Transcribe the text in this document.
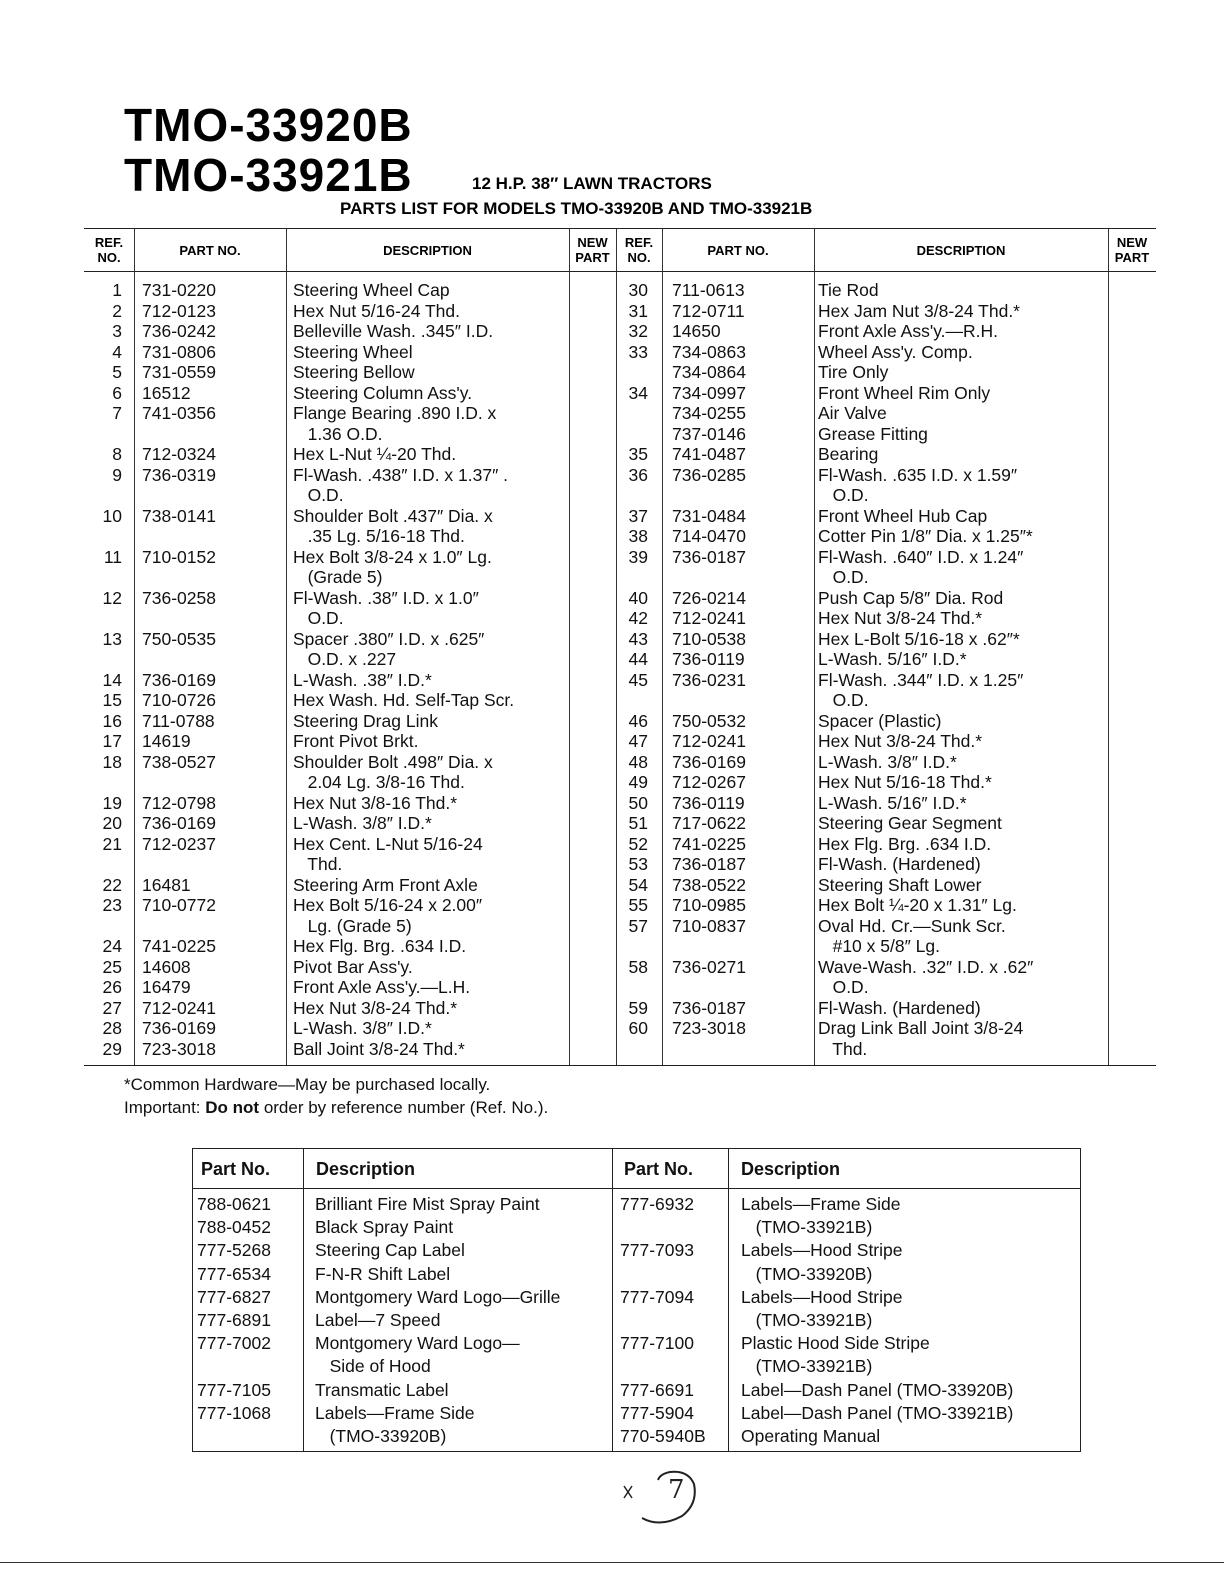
TMO-33920B
TMO-33921B	12 H.P. 38″ LAWN TRACTORS
PARTS LIST FOR MODELS TMO-33920B AND TMO-33921B
REF. NO.	PART NO.	DESCRIPTION	NEW PART
REF. NO.	PART NO.	DESCRIPTION	NEW PART
1 731-0220	Steering Wheel Cap
2 712-0123	Hex Nut 5/16-24 Thd.
3 736-0242	Belleville Wash. .345″ I.D.
4 731-0806	Steering Wheel
5 731-0559	Steering Bellow
6 16512	Steering Column Ass'y.
7 741-0356	Flange Bearing .890 I.D. x
1.36 O.D.
8 712-0324	Hex L-Nut ¼-20 Thd.
9 736-0319	Fl-Wash. .438″ I.D. x 1.37″ .
O.D.
10 738-0141	Shoulder Bolt .437″ Dia. x
.35 Lg. 5/16-18 Thd.
11 710-0152	Hex Bolt 3/8-24 x 1.0″ Lg.
(Grade 5)
12 736-0258	Fl-Wash. .38″ I.D. x 1.0″
O.D.
13 750-0535	Spacer .380″ I.D. x .625″
O.D. x .227
14 736-0169	L-Wash. .38″ I.D.*
15 710-0726	Hex Wash. Hd. Self-Tap Scr.
16 711-0788	Steering Drag Link
17 14619	Front Pivot Brkt.
18 738-0527	Shoulder Bolt .498″ Dia. x
2.04 Lg. 3/8-16 Thd.
19 712-0798	Hex Nut 3/8-16 Thd.*
20 736-0169	L-Wash. 3/8″ I.D.*
21 712-0237	Hex Cent. L-Nut 5/16-24
Thd.
22 16481	Steering Arm Front Axle
23 710-0772	Hex Bolt 5/16-24 x 2.00″
Lg. (Grade 5)
24 741-0225	Hex Flg. Brg. .634 I.D.
25 14608	Pivot Bar Ass'y.
26 16479	Front Axle Ass'y.—L.H.
27 712-0241	Hex Nut 3/8-24 Thd.*
28 736-0169	L-Wash. 3/8″ I.D.*
29 723-3018	Ball Joint 3/8-24 Thd.*
30 711-0613	Tie Rod
31 712-0711	Hex Jam Nut 3/8-24 Thd.*
32 14650	Front Axle Ass'y.—R.H.
33 734-0863	Wheel Ass'y. Comp.
734-0864	Tire Only
34 734-0997	Front Wheel Rim Only
734-0255	Air Valve
737-0146	Grease Fitting
35 741-0487	Bearing
36 736-0285	Fl-Wash. .635 I.D. x 1.59″
O.D.
37 731-0484	Front Wheel Hub Cap
38 714-0470	Cotter Pin 1/8″ Dia. x 1.25″*
39 736-0187	Fl-Wash. .640″ I.D. x 1.24″
O.D.
40 726-0214	Push Cap 5/8″ Dia. Rod
42 712-0241	Hex Nut 3/8-24 Thd.*
43 710-0538	Hex L-Bolt 5/16-18 x .62″*
44 736-0119	L-Wash. 5/16″ I.D.*
45 736-0231	Fl-Wash. .344″ I.D. x 1.25″
O.D.
46 750-0532	Spacer (Plastic)
47 712-0241	Hex Nut 3/8-24 Thd.*
48 736-0169	L-Wash. 3/8″ I.D.*
49 712-0267	Hex Nut 5/16-18 Thd.*
50 736-0119	L-Wash. 5/16″ I.D.*
51 717-0622	Steering Gear Segment
52 741-0225	Hex Flg. Brg. .634 I.D.
53 736-0187	Fl-Wash. (Hardened)
54 738-0522	Steering Shaft Lower
55 710-0985	Hex Bolt ¼-20 x 1.31″ Lg.
57 710-0837	Oval Hd. Cr.—Sunk Scr.
#10 x 5/8″ Lg.
58 736-0271	Wave-Wash. .32″ I.D. x .62″
O.D.
59 736-0187	Fl-Wash. (Hardened)
60 723-3018	Drag Link Ball Joint 3/8-24
Thd.
*Common Hardware—May be purchased locally.
Important: Do not order by reference number (Ref. No.).
Part No.	Description	Part No.	Description
788-0621	Brilliant Fire Mist Spray Paint
788-0452	Black Spray Paint
777-5268	Steering Cap Label
777-6534	F-N-R Shift Label
777-6827	Montgomery Ward Logo—Grille
777-6891	Label—7 Speed
777-7002	Montgomery Ward Logo—
Side of Hood
777-7105	Transmatic Label
777-1068	Labels—Frame Side
(TMO-33920B)
777-6932	Labels—Frame Side
(TMO-33921B)
777-7093	Labels—Hood Stripe
(TMO-33920B)
777-7094	Labels—Hood Stripe
(TMO-33921B)
777-7100	Plastic Hood Side Stripe
(TMO-33921B)
777-6691	Label—Dash Panel (TMO-33920B)
777-5904	Label—Dash Panel (TMO-33921B)
770-5940B Operating Manual
7
